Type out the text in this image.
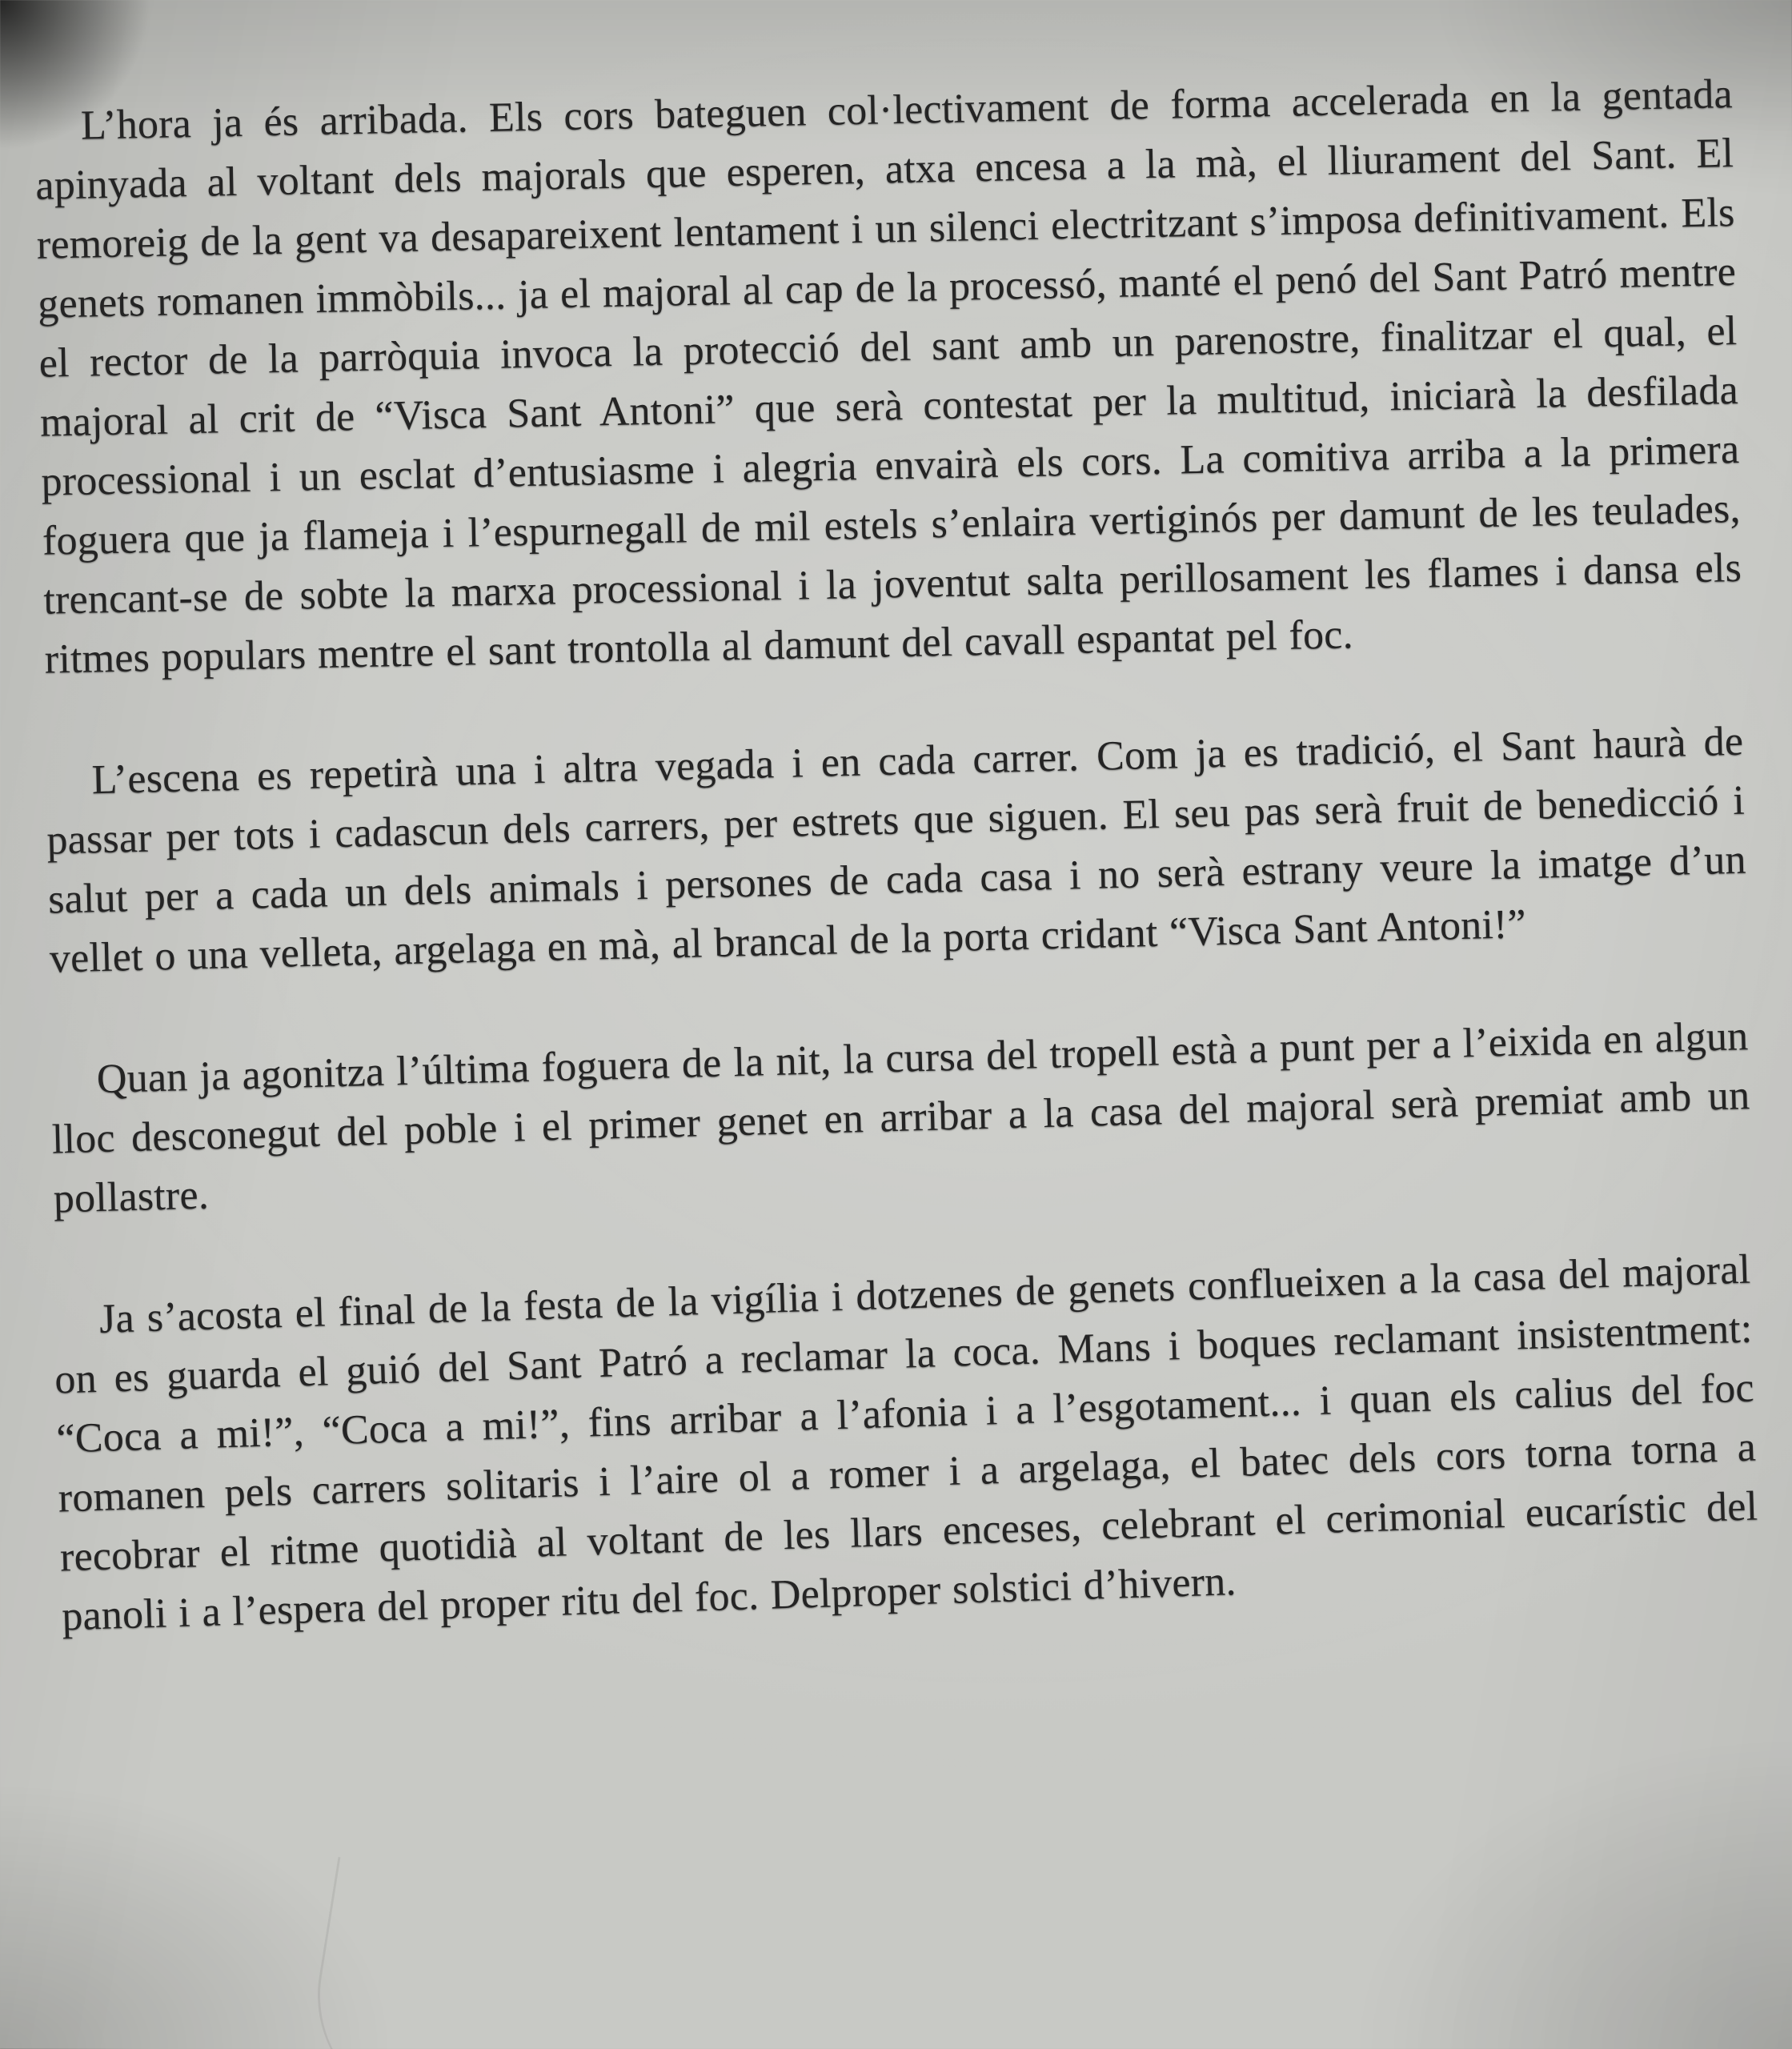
L’hora ja és arribada. Els cors bateguen col·lectivament de forma accelerada en la gentada apinyada al voltant dels majorals que esperen, atxa encesa a la mà, el lliurament del Sant. El remoreig de la gent va desapareixent lentament i un silenci electritzant s’imposa definitivament. Els genets romanen immòbils... ja el majoral al cap de la processó, manté el penó del Sant Patró mentre el rector de la parròquia invoca la protecció del sant amb un parenostre, finalitzar el qual, el majoral al crit de “Visca Sant Antoni” que serà contestat per la multitud, iniciarà la desfilada processional i un esclat d’entusiasme i alegria envairà els cors. La comitiva arriba a la primera foguera que ja flameja i l’espurnegall de mil estels s’enlaira vertiginós per damunt de les teulades, trencant-se de sobte la marxa processional i la joventut salta perillosament les flames i dansa els ritmes populars mentre el sant trontolla al damunt del cavall espantat pel foc.

L’escena es repetirà una i altra vegada i en cada carrer. Com ja es tradició, el Sant haurà de passar per tots i cadascun dels carrers, per estrets que siguen. El seu pas serà fruit de benedicció i salut per a cada un dels animals i persones de cada casa i no serà estrany veure la imatge d’un vellet o una velleta, argelaga en mà, al brancal de la porta cridant “Visca Sant Antoni!”

Quan ja agonitza l’última foguera de la nit, la cursa del tropell està a punt per a l’eixida en algun lloc desconegut del poble i el primer genet en arribar a la casa del majoral serà premiat amb un pollastre.

Ja s’acosta el final de la festa de la vigília i dotzenes de genets conflueixen a la casa del majoral on es guarda el guió del Sant Patró a reclamar la coca. Mans i boques reclamant insistentment: “Coca a mi!”, “Coca a mi!”, fins arribar a l’afonia i a l’esgotament... i quan els calius del foc romanen pels carrers solitaris i l’aire ol a romer i a argelaga, el batec dels cors torna torna a recobrar el ritme quotidià al voltant de les llars enceses, celebrant el cerimonial eucarístic del panoli i a l’espera del proper ritu del foc. Delproper solstici d’hivern.
